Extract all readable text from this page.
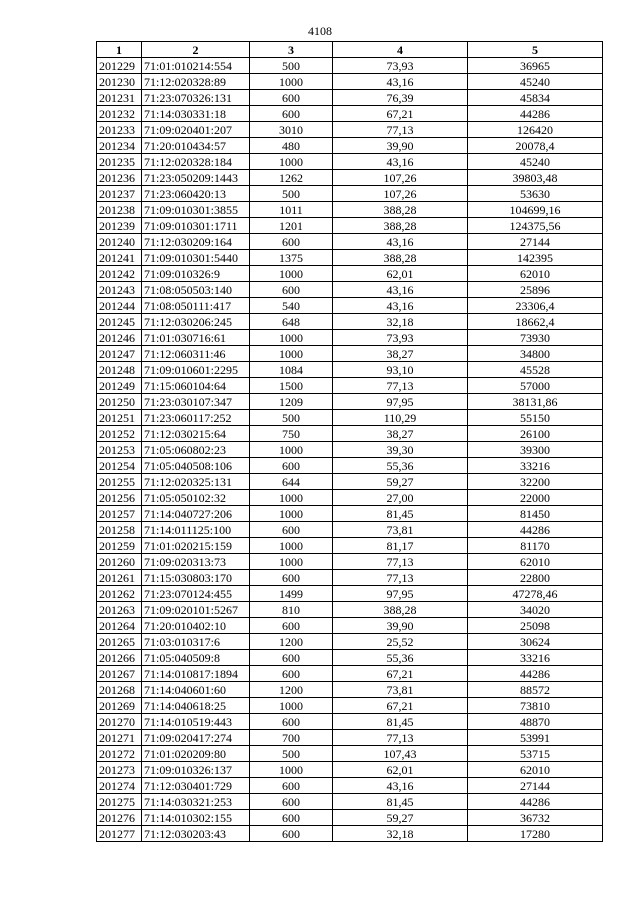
4108
1	2	3	4	5
201229	71:01:010214:554	500	73,93	36965
201230	71:12:020328:89	1000	43,16	45240
201231	71:23:070326:131	600	76,39	45834
201232	71:14:030331:18	600	67,21	44286
201233	71:09:020401:207	3010	77,13	126420
201234	71:20:010434:57	480	39,90	20078,4
201235	71:12:020328:184	1000	43,16	45240
201236	71:23:050209:1443	1262	107,26	39803,48
201237	71:23:060420:13	500	107,26	53630
201238	71:09:010301:3855	1011	388,28	104699,16
201239	71:09:010301:1711	1201	388,28	124375,56
201240	71:12:030209:164	600	43,16	27144
201241	71:09:010301:5440	1375	388,28	142395
201242	71:09:010326:9	1000	62,01	62010
201243	71:08:050503:140	600	43,16	25896
201244	71:08:050111:417	540	43,16	23306,4
201245	71:12:030206:245	648	32,18	18662,4
201246	71:01:030716:61	1000	73,93	73930
201247	71:12:060311:46	1000	38,27	34800
201248	71:09:010601:2295	1084	93,10	45528
201249	71:15:060104:64	1500	77,13	57000
201250	71:23:030107:347	1209	97,95	38131,86
201251	71:23:060117:252	500	110,29	55150
201252	71:12:030215:64	750	38,27	26100
201253	71:05:060802:23	1000	39,30	39300
201254	71:05:040508:106	600	55,36	33216
201255	71:12:020325:131	644	59,27	32200
201256	71:05:050102:32	1000	27,00	22000
201257	71:14:040727:206	1000	81,45	81450
201258	71:14:011125:100	600	73,81	44286
201259	71:01:020215:159	1000	81,17	81170
201260	71:09:020313:73	1000	77,13	62010
201261	71:15:030803:170	600	77,13	22800
201262	71:23:070124:455	1499	97,95	47278,46
201263	71:09:020101:5267	810	388,28	34020
201264	71:20:010402:10	600	39,90	25098
201265	71:03:010317:6	1200	25,52	30624
201266	71:05:040509:8	600	55,36	33216
201267	71:14:010817:1894	600	67,21	44286
201268	71:14:040601:60	1200	73,81	88572
201269	71:14:040618:25	1000	67,21	73810
201270	71:14:010519:443	600	81,45	48870
201271	71:09:020417:274	700	77,13	53991
201272	71:01:020209:80	500	107,43	53715
201273	71:09:010326:137	1000	62,01	62010
201274	71:12:030401:729	600	43,16	27144
201275	71:14:030321:253	600	81,45	44286
201276	71:14:010302:155	600	59,27	36732
201277	71:12:030203:43	600	32,18	17280
